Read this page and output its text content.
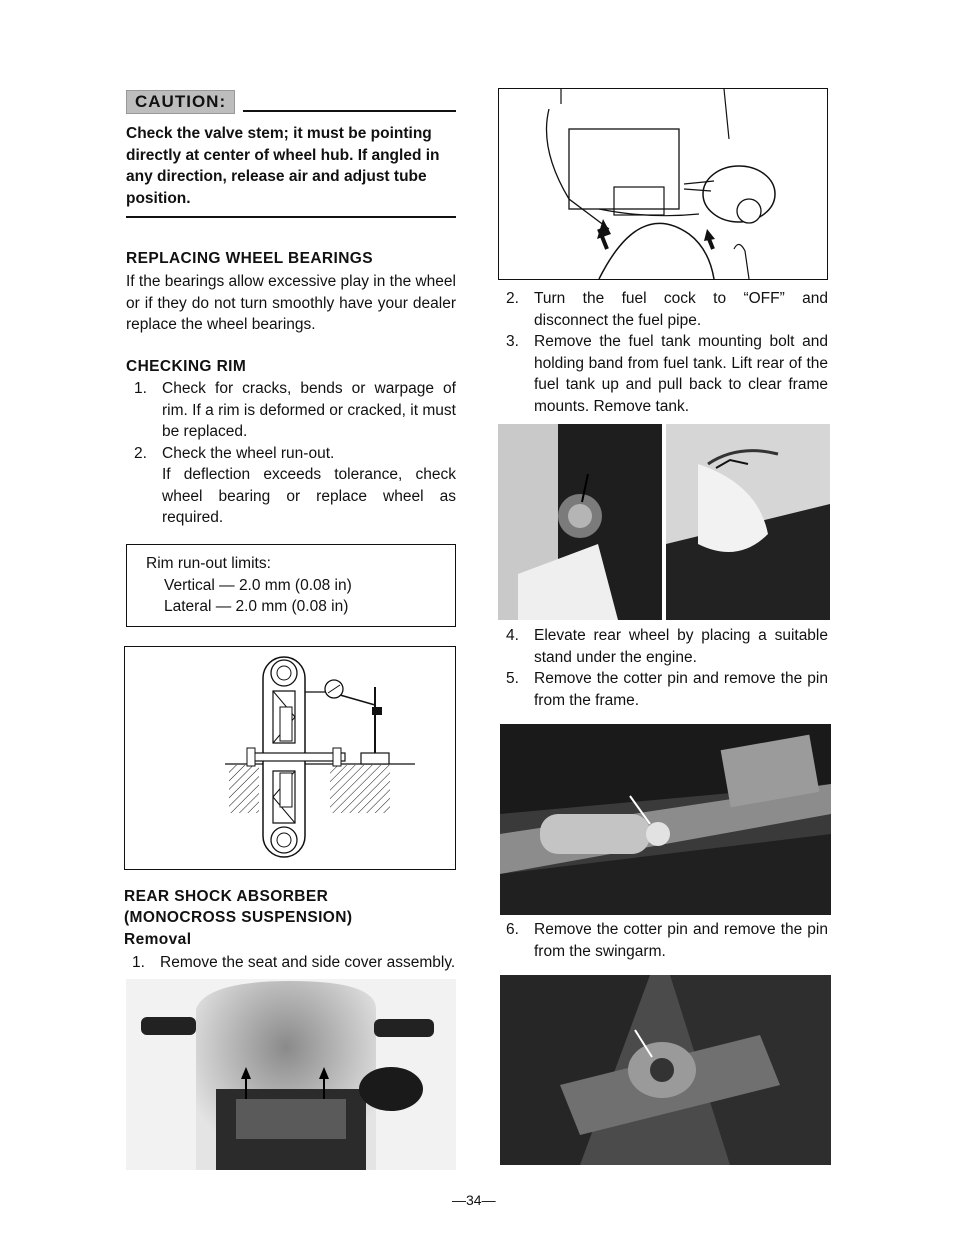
CAUTION:
Check the valve stem; it must be pointing directly at center of wheel hub. If angled in any direction, release air and adjust tube position.
REPLACING WHEEL BEARINGS
If the bearings allow excessive play in the wheel or if they do not turn smoothly have your dealer replace the wheel bearings.
CHECKING RIM
1. Check for cracks, bends or warpage of rim. If a rim is deformed or cracked, it must be replaced.
2. Check the wheel run-out.
If deflection exceeds tolerance, check wheel bearing or replace wheel as required.
Rim run-out limits:
Vertical — 2.0 mm (0.08 in)
Lateral — 2.0 mm (0.08 in)
REAR SHOCK ABSORBER
(MONOCROSS SUSPENSION)
Removal
1. Remove the seat and side cover assembly.
2. Turn the fuel cock to “OFF” and disconnect the fuel pipe.
3. Remove the fuel tank mounting bolt and holding band from fuel tank. Lift rear of the fuel tank up and pull back to clear frame mounts. Remove tank.
4. Elevate rear wheel by placing a suitable stand under the engine.
5. Remove the cotter pin and remove the pin from the frame.
6. Remove the cotter pin and remove the pin from the swingarm.
—34—
